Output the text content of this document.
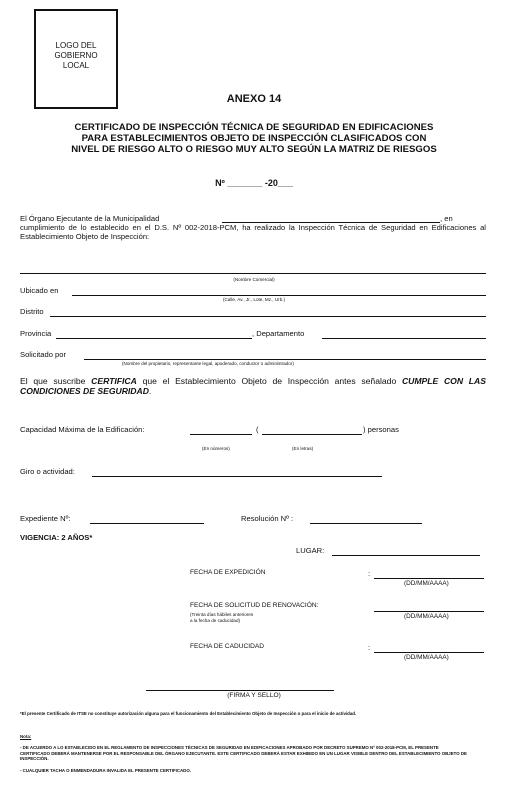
LOGO DEL
GOBIERNO
LOCAL
ANEXO 14
CERTIFICADO DE INSPECCIÓN TÉCNICA DE SEGURIDAD EN EDIFICACIONES
PARA ESTABLECIMIENTOS OBJETO DE INSPECCIÓN CLASIFICADOS CON
NIVEL DE RIESGO ALTO O RIESGO MUY ALTO SEGÚN LA MATRIZ DE RIESGOS
Nº _______ -20___
El Órgano Ejecutante de la Municipalidad	, en
cumplimiento de lo establecido en el D.S. Nº 002-2018-PCM, ha realizado la Inspección Técnica de Seguridad en Edificaciones al Establecimiento Objeto de Inspección:
(Nombre Comercial)
Ubicado en
(Calle, Av., Jr., Lote, Mz., Urb.)
Distrito
Provincia	, Departamento
Solicitado por
(Nombre del propietario, representante legal, apoderado, conductor o administrador)
El que suscribe CERTIFICA que el Establecimiento Objeto de Inspección antes señalado CUMPLE CON LAS CONDICIONES DE SEGURIDAD.
Capacidad Máxima de la Edificación:	(	) personas
(En números)	(En letras)
Giro o actividad:
Expediente Nº:	Resolución Nº :
VIGENCIA: 2 AÑOS*
LUGAR:
FECHA DE EXPEDICIÓN	:
(DD/MM/AAAA)
FECHA DE SOLICITUD DE RENOVACIÓN:
(Treinta días hábiles anteriores
a la fecha de caducidad)
(DD/MM/AAAA)
FECHA DE CADUCIDAD	:
(DD/MM/AAAA)
(FIRMA Y SELLO)
*El presente Certificado de ITSE no constituye autorización alguna para el funcionamiento del Establecimiento Objeto de Inspección o para el inicio de actividad.
Nota:
- DE ACUERDO A LO ESTABLECIDO EN EL REGLAMENTO DE INSPECCIONES TÉCNICAS DE SEGURIDAD EN EDIFICACIONES APROBADO POR DECRETO SUPREMO Nº 002-2018-PCM, EL PRESENTE CERTIFICADO DEBERÁ MANTENERSE POR EL RESPONSABLE DEL ÓRGANO EJECUTANTE. ESTE CERTIFICADO DEBERÁ ESTAR EXHIBIDO EN UN LUGAR VISIBLE DENTRO DEL ESTABLECIMIENTO OBJETO DE INSPECCIÓN.
- CUALQUIER TACHA O ENMENDADURA INVALIDA EL PRESENTE CERTIFICADO.
